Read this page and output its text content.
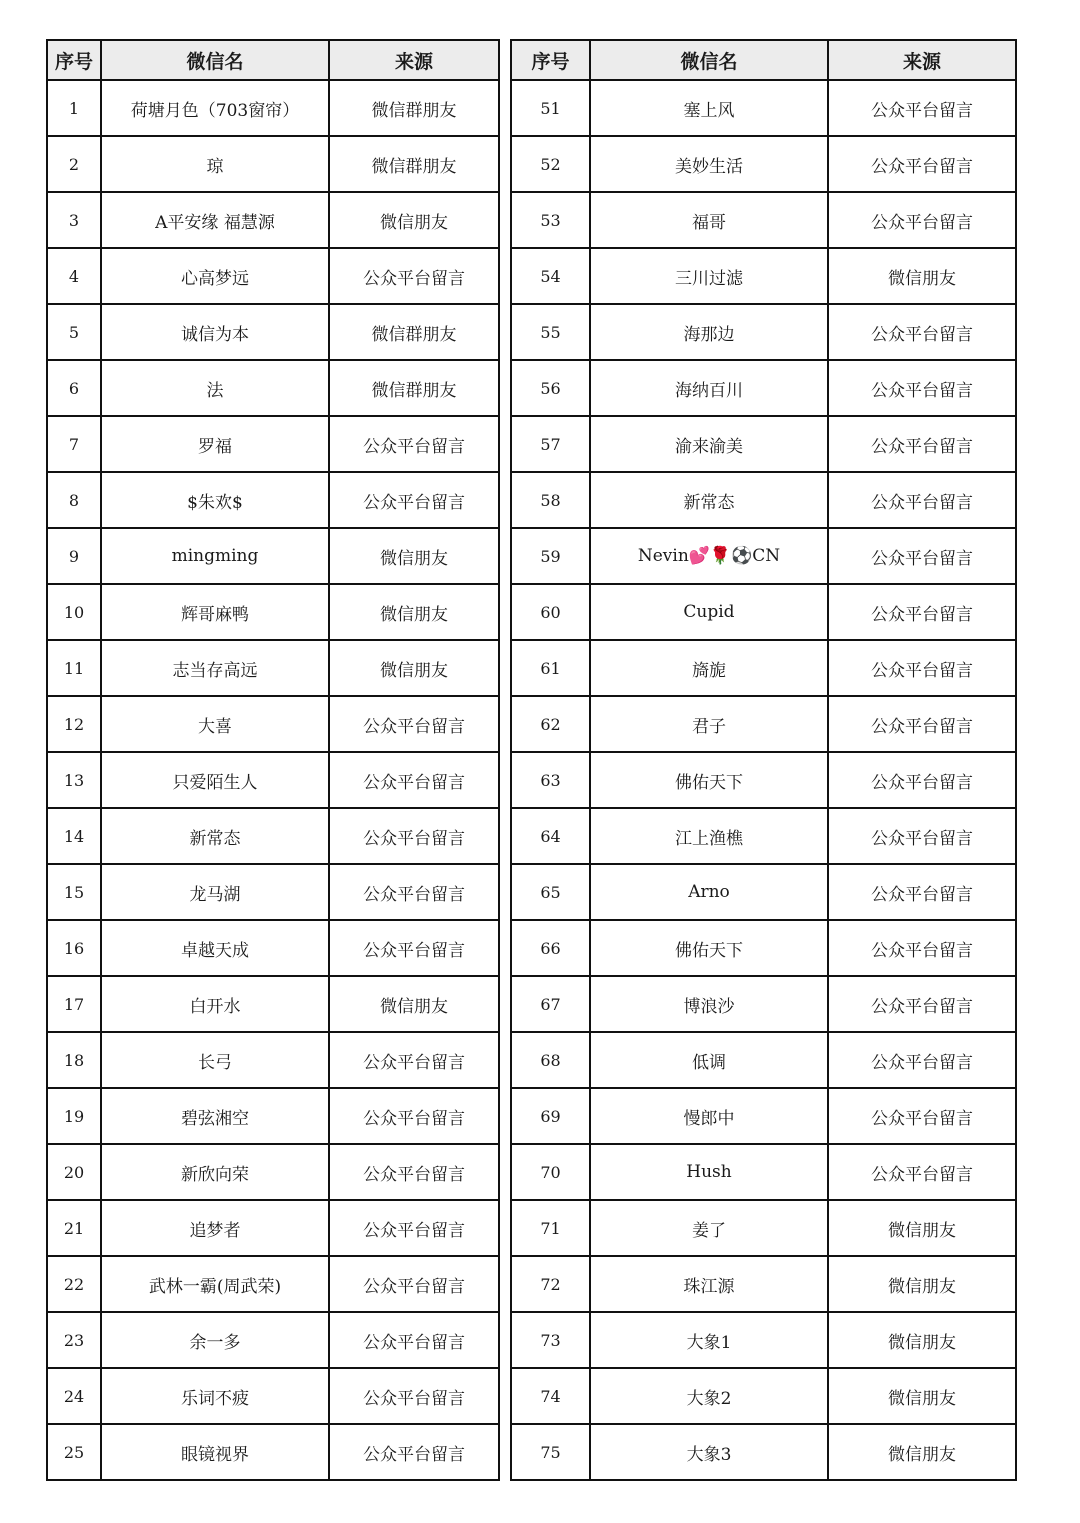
序号	微信名	来源
1	荷塘月色（703窗帘）	微信群朋友
2	琼	微信群朋友
3	A平安缘 福慧源	微信朋友
4	心高梦远	公众平台留言
5	诚信为本	微信群朋友
6	法	微信群朋友
7	罗福	公众平台留言
8	$朱欢$	公众平台留言
9	mingming	微信朋友
10	辉哥麻鸭	微信朋友
11	志当存高远	微信朋友
12	大喜	公众平台留言
13	只爱陌生人	公众平台留言
14	新常态	公众平台留言
15	龙马湖	公众平台留言
16	卓越天成	公众平台留言
17	白开水	微信朋友
18	长弓	公众平台留言
19	碧弦湘空	公众平台留言
20	新欣向荣	公众平台留言
21	追梦者	公众平台留言
22	武林一霸(周武荣)	公众平台留言
23	余一多	公众平台留言
24	乐词不疲	公众平台留言
25	眼镜视界	公众平台留言
序号	微信名	来源
51	塞上风	公众平台留言
52	美妙生活	公众平台留言
53	福哥	公众平台留言
54	三川过滤	微信朋友
55	海那边	公众平台留言
56	海纳百川	公众平台留言
57	渝来渝美	公众平台留言
58	新常态	公众平台留言
59	Nevin💕🌹⚽CN	公众平台留言
60	Cupid	公众平台留言
61	旖旎	公众平台留言
62	君子	公众平台留言
63	佛佑天下	公众平台留言
64	江上渔樵	公众平台留言
65	Arno	公众平台留言
66	佛佑天下	公众平台留言
67	博浪沙	公众平台留言
68	低调	公众平台留言
69	慢郎中	公众平台留言
70	Hush	公众平台留言
71	姜了	微信朋友
72	珠江源	微信朋友
73	大象1	微信朋友
74	大象2	微信朋友
75	大象3	微信朋友
